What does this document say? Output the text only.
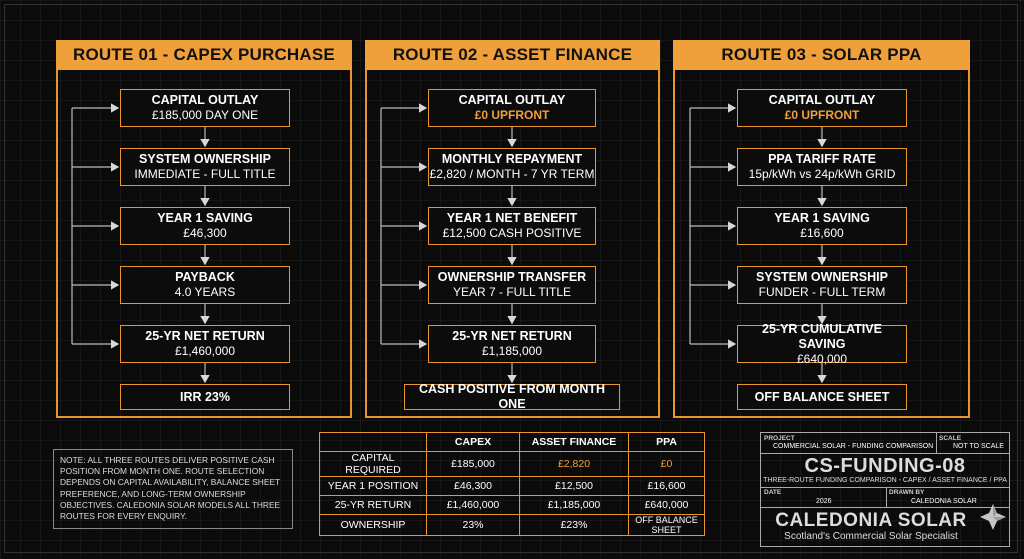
ROUTE 01 - CAPEX PURCHASE	ROUTE 02 - ASSET FINANCE	ROUTE 03 - SOLAR PPA
CAPITAL OUTLAY
£185,000 DAY ONE
SYSTEM OWNERSHIP
IMMEDIATE - FULL TITLE
YEAR 1 SAVING
£46,300
PAYBACK
4.0 YEARS
25-YR NET RETURN
£1,460,000
IRR 23%
CAPITAL OUTLAY
£0 UPFRONT
MONTHLY REPAYMENT
£2,820 / MONTH - 7 YR TERM
YEAR 1 NET BENEFIT
£12,500 CASH POSITIVE
OWNERSHIP TRANSFER
YEAR 7 - FULL TITLE
25-YR NET RETURN
£1,185,000
CASH POSITIVE FROM MONTH ONE
CAPITAL OUTLAY
£0 UPFRONT
PPA TARIFF RATE
15p/kWh vs 24p/kWh GRID
YEAR 1 SAVING
£16,600
SYSTEM OWNERSHIP
FUNDER - FULL TERM
25-YR CUMULATIVE SAVING
£640,000
OFF BALANCE SHEET
NOTE: ALL THREE ROUTES DELIVER POSITIVE CASH POSITION FROM MONTH ONE. ROUTE SELECTION DEPENDS ON CAPITAL AVAILABILITY, BALANCE SHEET PREFERENCE, AND LONG-TERM OWNERSHIP OBJECTIVES. CALEDONIA SOLAR MODELS ALL THREE ROUTES FOR EVERY ENQUIRY.
	CAPEX	ASSET FINANCE	PPA
CAPITAL REQUIRED	£185,000	£2,820	£0
YEAR 1 POSITION	£46,300	£12,500	£16,600
25-YR RETURN	£1,460,000	£1,185,000	£640,000
OWNERSHIP	23%	£23%	OFF BALANCE SHEET
PROJECT
COMMERCIAL SOLAR - FUNDING COMPARISON
SCALE
NOT TO SCALE
CS-FUNDING-08
THREE-ROUTE FUNDING COMPARISON - CAPEX / ASSET FINANCE / PPA
DATE
2026
DRAWN BY
CALEDONIA SOLAR
CALEDONIA SOLAR
Scotland's Commercial Solar Specialist
